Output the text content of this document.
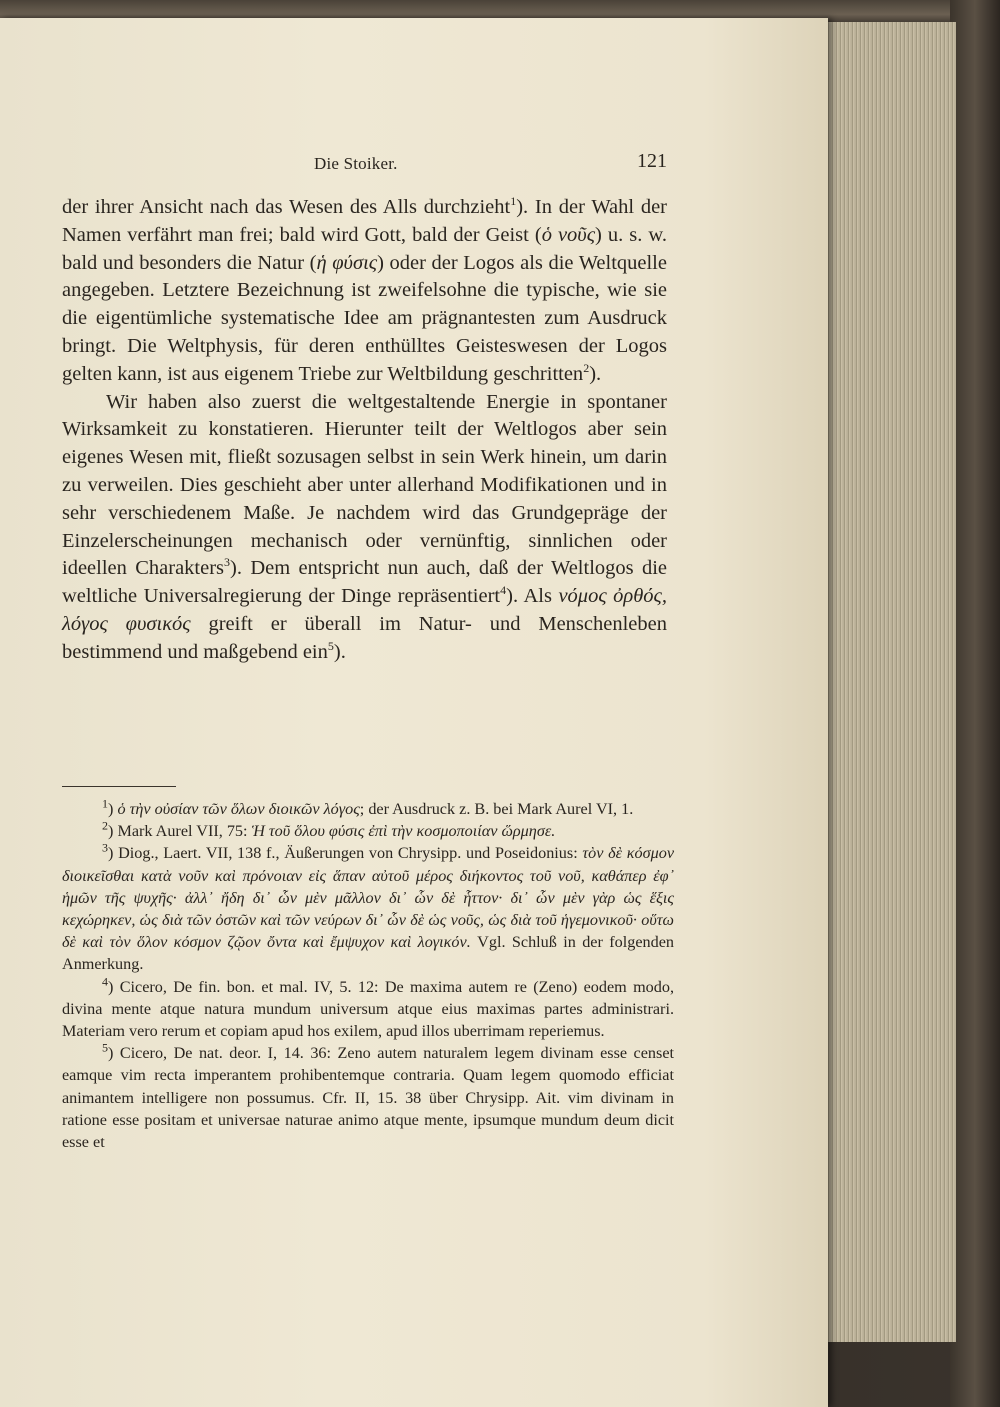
Die Stoiker.	121

der ihrer Ansicht nach das Wesen des Alls durchzieht$^1$). In der Wahl der Namen verfährt man frei; bald wird Gott, bald der Geist (ὁ νοῦς) u. s. w. bald und besonders die Natur (ἡ φύσις) oder der Logos als die Weltquelle angegeben. Letztere Bezeichnung ist zweifelsohne die typische, wie sie die eigentümliche systematische Idee am prägnantesten zum Ausdruck bringt. Die Weltphysis, für deren enthülltes Geisteswesen der Logos gelten kann, ist aus eigenem Triebe zur Weltbildung geschritten$^2$).

Wir haben also zuerst die weltgestaltende Energie in spontaner Wirksamkeit zu konstatieren. Hierunter teilt der Weltlogos aber sein eigenes Wesen mit, fließt sozusagen selbst in sein Werk hinein, um darin zu verweilen. Dies geschieht aber unter allerhand Modifikationen und in sehr verschiedenem Maße. Je nachdem wird das Grundgepräge der Einzelerscheinungen mechanisch oder vernünftig, sinnlichen oder ideellen Charakters$^3$). Dem entspricht nun auch, daß der Weltlogos die weltliche Universalregierung der Dinge repräsentiert$^4$). Als νόμος ὀρθός, λόγος φυσικός greift er überall im Natur- und Menschenleben bestimmend und maßgebend ein$^5$).

$^1$) ὁ τὴν οὐσίαν τῶν ὅλων διοικῶν λόγος; der Ausdruck z. B. bei Mark Aurel VI, 1.

$^2$) Mark Aurel VII, 75: Ἡ τοῦ ὅλου φύσις ἐπὶ τὴν κοσμοποιίαν ὥρμησε.

$^3$) Diog., Laert. VII, 138 f., Äußerungen von Chrysipp. und Poseidonius: τὸν δὲ κόσμον διοικεῖσθαι κατὰ νοῦν καὶ πρόνοιαν εἰς ἅπαν αὐτοῦ μέρος διήκοντος τοῦ νοῦ, καθάπερ ἐφ᾽ ἡμῶν τῆς ψυχῆς· ἀλλ᾽ ἤδη δι᾽ ὧν μὲν μᾶλλον δι᾽ ὧν δὲ ἧττον· δι᾽ ὧν μὲν γὰρ ὡς ἕξις κεχώρηκεν, ὡς διὰ τῶν ὀστῶν καὶ τῶν νεύρων δι᾽ ὧν δὲ ὡς νοῦς, ὡς διὰ τοῦ ἡγεμονικοῦ· οὕτω δὲ καὶ τὸν ὅλον κόσμον ζῷον ὄντα καὶ ἔμψυχον καὶ λογικόν. Vgl. Schluß in der folgenden Anmerkung.

$^4$) Cicero, De fin. bon. et mal. IV, 5. 12: De maxima autem re (Zeno) eodem modo, divina mente atque natura mundum universum atque eius maximas partes administrari. Materiam vero rerum et copiam apud hos exilem, apud illos uberrimam reperiemus.

$^5$) Cicero, De nat. deor. I, 14. 36: Zeno autem naturalem legem divinam esse censet eamque vim recta imperantem prohibentemque contraria. Quam legem quomodo efficiat animantem intelligere non possumus. Cfr. II, 15. 38 über Chrysipp. Ait. vim divinam in ratione esse positam et universae naturae animo atque mente, ipsumque mundum deum dicit esse et
